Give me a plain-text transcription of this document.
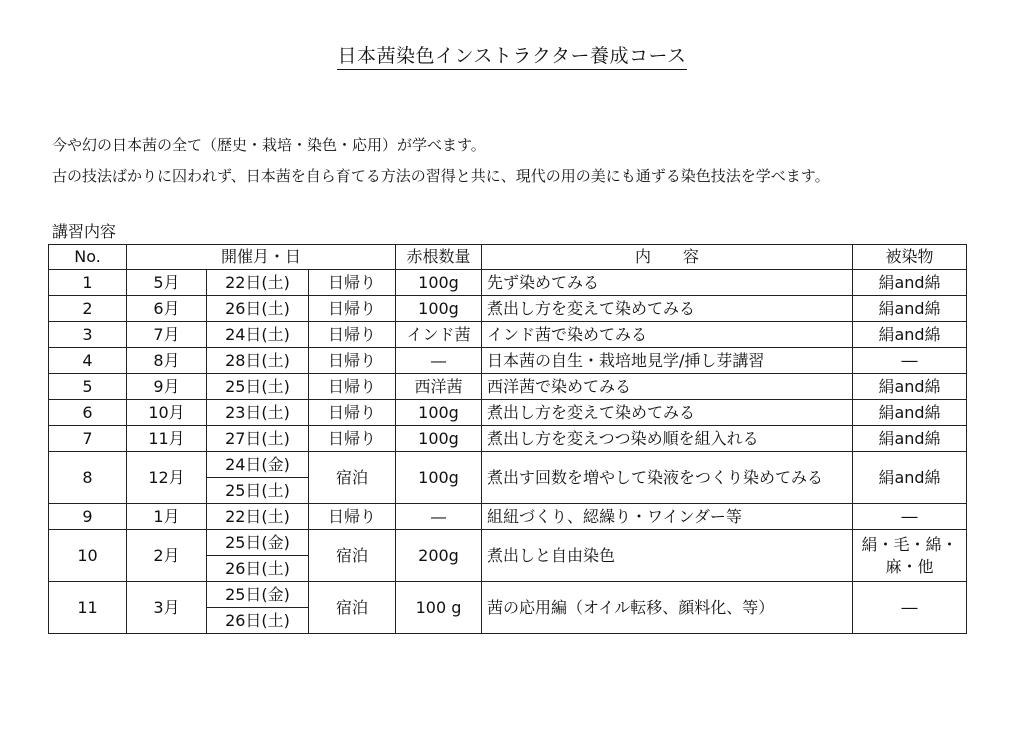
日本茜染色インストラクター養成コース
今や幻の日本茜の全て（歴史・栽培・染色・応用）が学べます。
古の技法ばかりに囚われず、日本茜を自ら育てる方法の習得と共に、現代の用の美にも通ずる染色技法を学べます。
講習内容
No.	開催月・日			赤根数量	内　　容	被染物
1	5月	22日(土)	日帰り	100g	先ず染めてみる	絹and綿
2	6月	26日(土)	日帰り	100g	煮出し方を変えて染めてみる	絹and綿
3	7月	24日(土)	日帰り	インド茜	インド茜で染めてみる	絹and綿
4	8月	28日(土)	日帰り	―	日本茜の自生・栽培地見学/挿し芽講習	―
5	9月	25日(土)	日帰り	西洋茜	西洋茜で染めてみる	絹and綿
6	10月	23日(土)	日帰り	100g	煮出し方を変えて染めてみる	絹and綿
7	11月	27日(土)	日帰り	100g	煮出し方を変えつつ染め順を組入れる	絹and綿
8	12月	24日(金)	宿泊	100g	煮出す回数を増やして染液をつくり染めてみる	絹and綿
		25日(土)				
9	1月	22日(土)	日帰り	―	組紐づくり、綛繰り・ワインダー等	―
10	2月	25日(金)	宿泊	200g	煮出しと自由染色	絹・毛・綿・麻・他
		26日(土)				
11	3月	25日(金)	宿泊	100 g	茜の応用編（オイル転移、顔料化、等）	―
		26日(土)				
